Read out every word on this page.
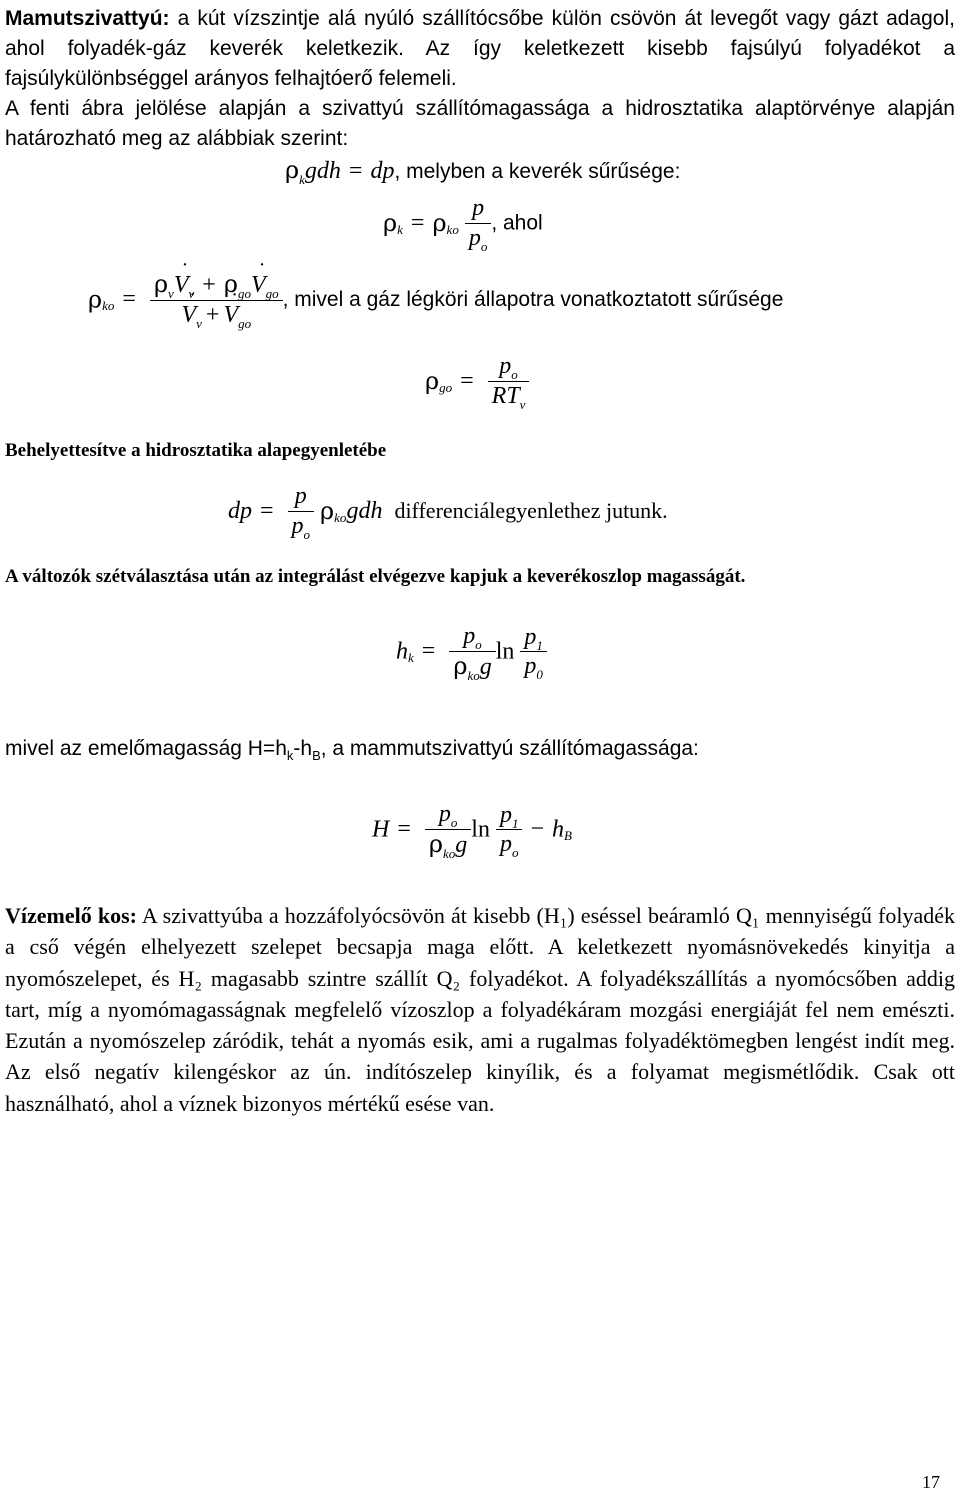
Mamutszivattyú: a kút vízszintje alá nyúló szállítócsőbe külön csövön át levegőt vagy gázt adagol, ahol folyadék-gáz keverék keletkezik. Az így keletkezett kisebb fajsúlyú folyadékot a fajsúlykülönbséggel arányos felhajtóerő felemeli.
A fenti ábra jelölése alapján a szivattyú szállítómagassága a hidrosztatika alaptörvénye alapján határozható meg az alábbiak szerint:

$\rho_kgdh$ = dp, melyben a keverék sűrűsége:
$\rho_k = \rho_{ko} \frac{p}{p_o}$ , ahol
$\rho_{ko}$ = $\rho_v˙$ $V_v$ + $\rho_{go}˙$ $V_{go}$
˙ $V_v$ +˙ $V_{go}$ , mivel a gáz légköri állapotra vonatkoztatott sűrűsége
$\rho_{go} = \frac{p_o}{RT_v}$
Behelyettesítve a hidrosztatika alapegyenletébe
dp = $\frac{p}{p_o} \rho_{ko}gdh$ differenciálegyenlethez jutunk.
A változók szétválasztása után az integrálást elvégezve kapjuk a keverékoszlop magasságát.
$h_k = \frac{p_o}{\rho_{ko}g}$ $\ln \frac{p_1}{p_0}$
mivel az emelőmagasság $H=h_k-h_B$, a mammutszivattyú szállítómagassága:
$H = \frac{p_o}{\rho_{ko}g}$ $\ln \frac{p_1}{p_o} - h_B$

Vízemelő kos: A szivattyúba a hozzáfolyócsövön át kisebb (H₁) eséssel beáramló Q₁ mennyiségű folyadék a cső végén elhelyezett szelepet becsapja maga előtt. A keletkezett nyomásnövekedés kinyitja a nyomószelepet, és H₂ magasabb szintre szállít Q₂ folyadékot. A folyadékszállítás a nyomócsőben addig tart, míg a nyomómagasságnak megfelelő vízoszlop a folyadékáram mozgási energiáját fel nem emészti. Ezután a nyomószelep záródik, tehát a nyomás esik, ami a rugalmas folyadéktömegben lengést indít meg. Az első negatív kilengéskor az ún. indítószelep kinyílik, és a folyamat megismétlődik. Csak ott használható, ahol a víznek bizonyos mértékű esése van.

17
